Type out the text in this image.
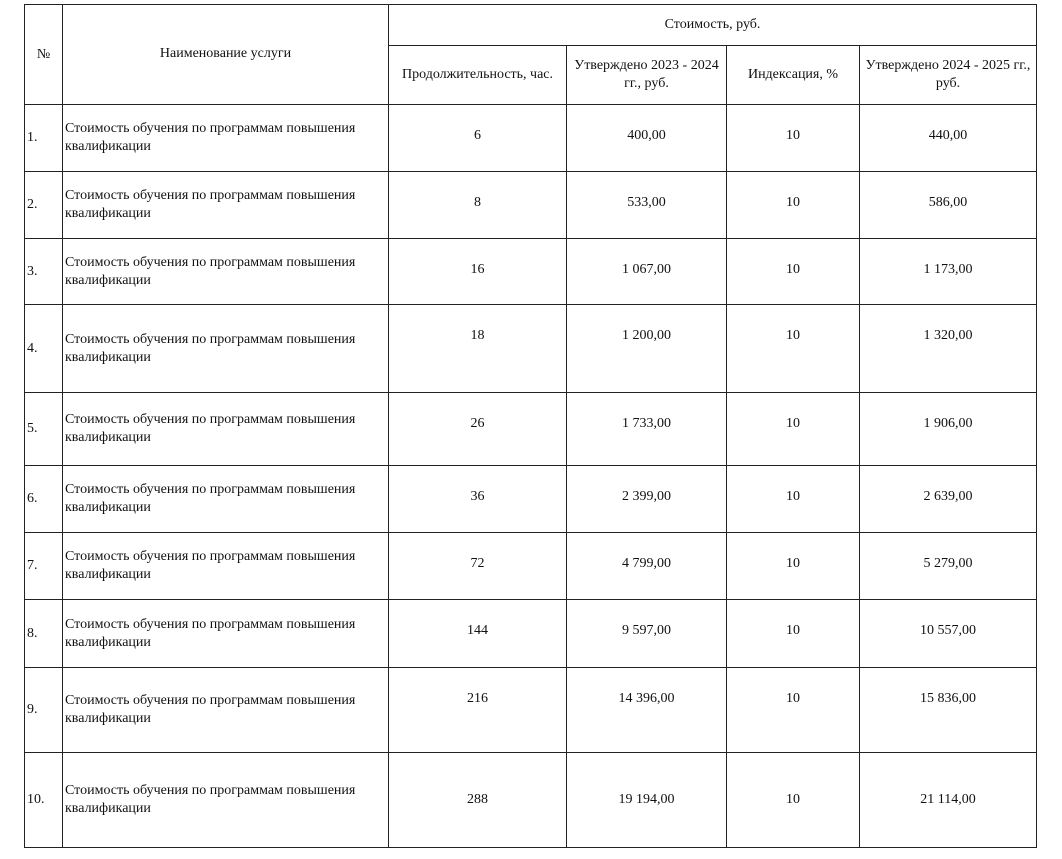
№	Наименование услуги	Стоимость, руб.			
		Продолжительность, час.	Утверждено 2023 - 2024 гг., руб.	Индексация, %	Утверждено 2024 - 2025 гг., руб.
1.	Стоимость обучения по программам повышения квалификации	6	400,00	10	440,00
2.	Стоимость обучения по программам повышения квалификации	8	533,00	10	586,00
3.	Стоимость обучения по программам повышения квалификации	16	1 067,00	10	1 173,00
4.	Стоимость обучения по программам повышения квалификации	18	1 200,00	10	1 320,00
5.	Стоимость обучения по программам повышения квалификации	26	1 733,00	10	1 906,00
6.	Стоимость обучения по программам повышения квалификации	36	2 399,00	10	2 639,00
7.	Стоимость обучения по программам повышения квалификации	72	4 799,00	10	5 279,00
8.	Стоимость обучения по программам повышения квалификации	144	9 597,00	10	10 557,00
9.	Стоимость обучения по программам повышения квалификации	216	14 396,00	10	15 836,00
10.	Стоимость обучения по программам повышения квалификации	288	19 194,00	10	21 114,00
